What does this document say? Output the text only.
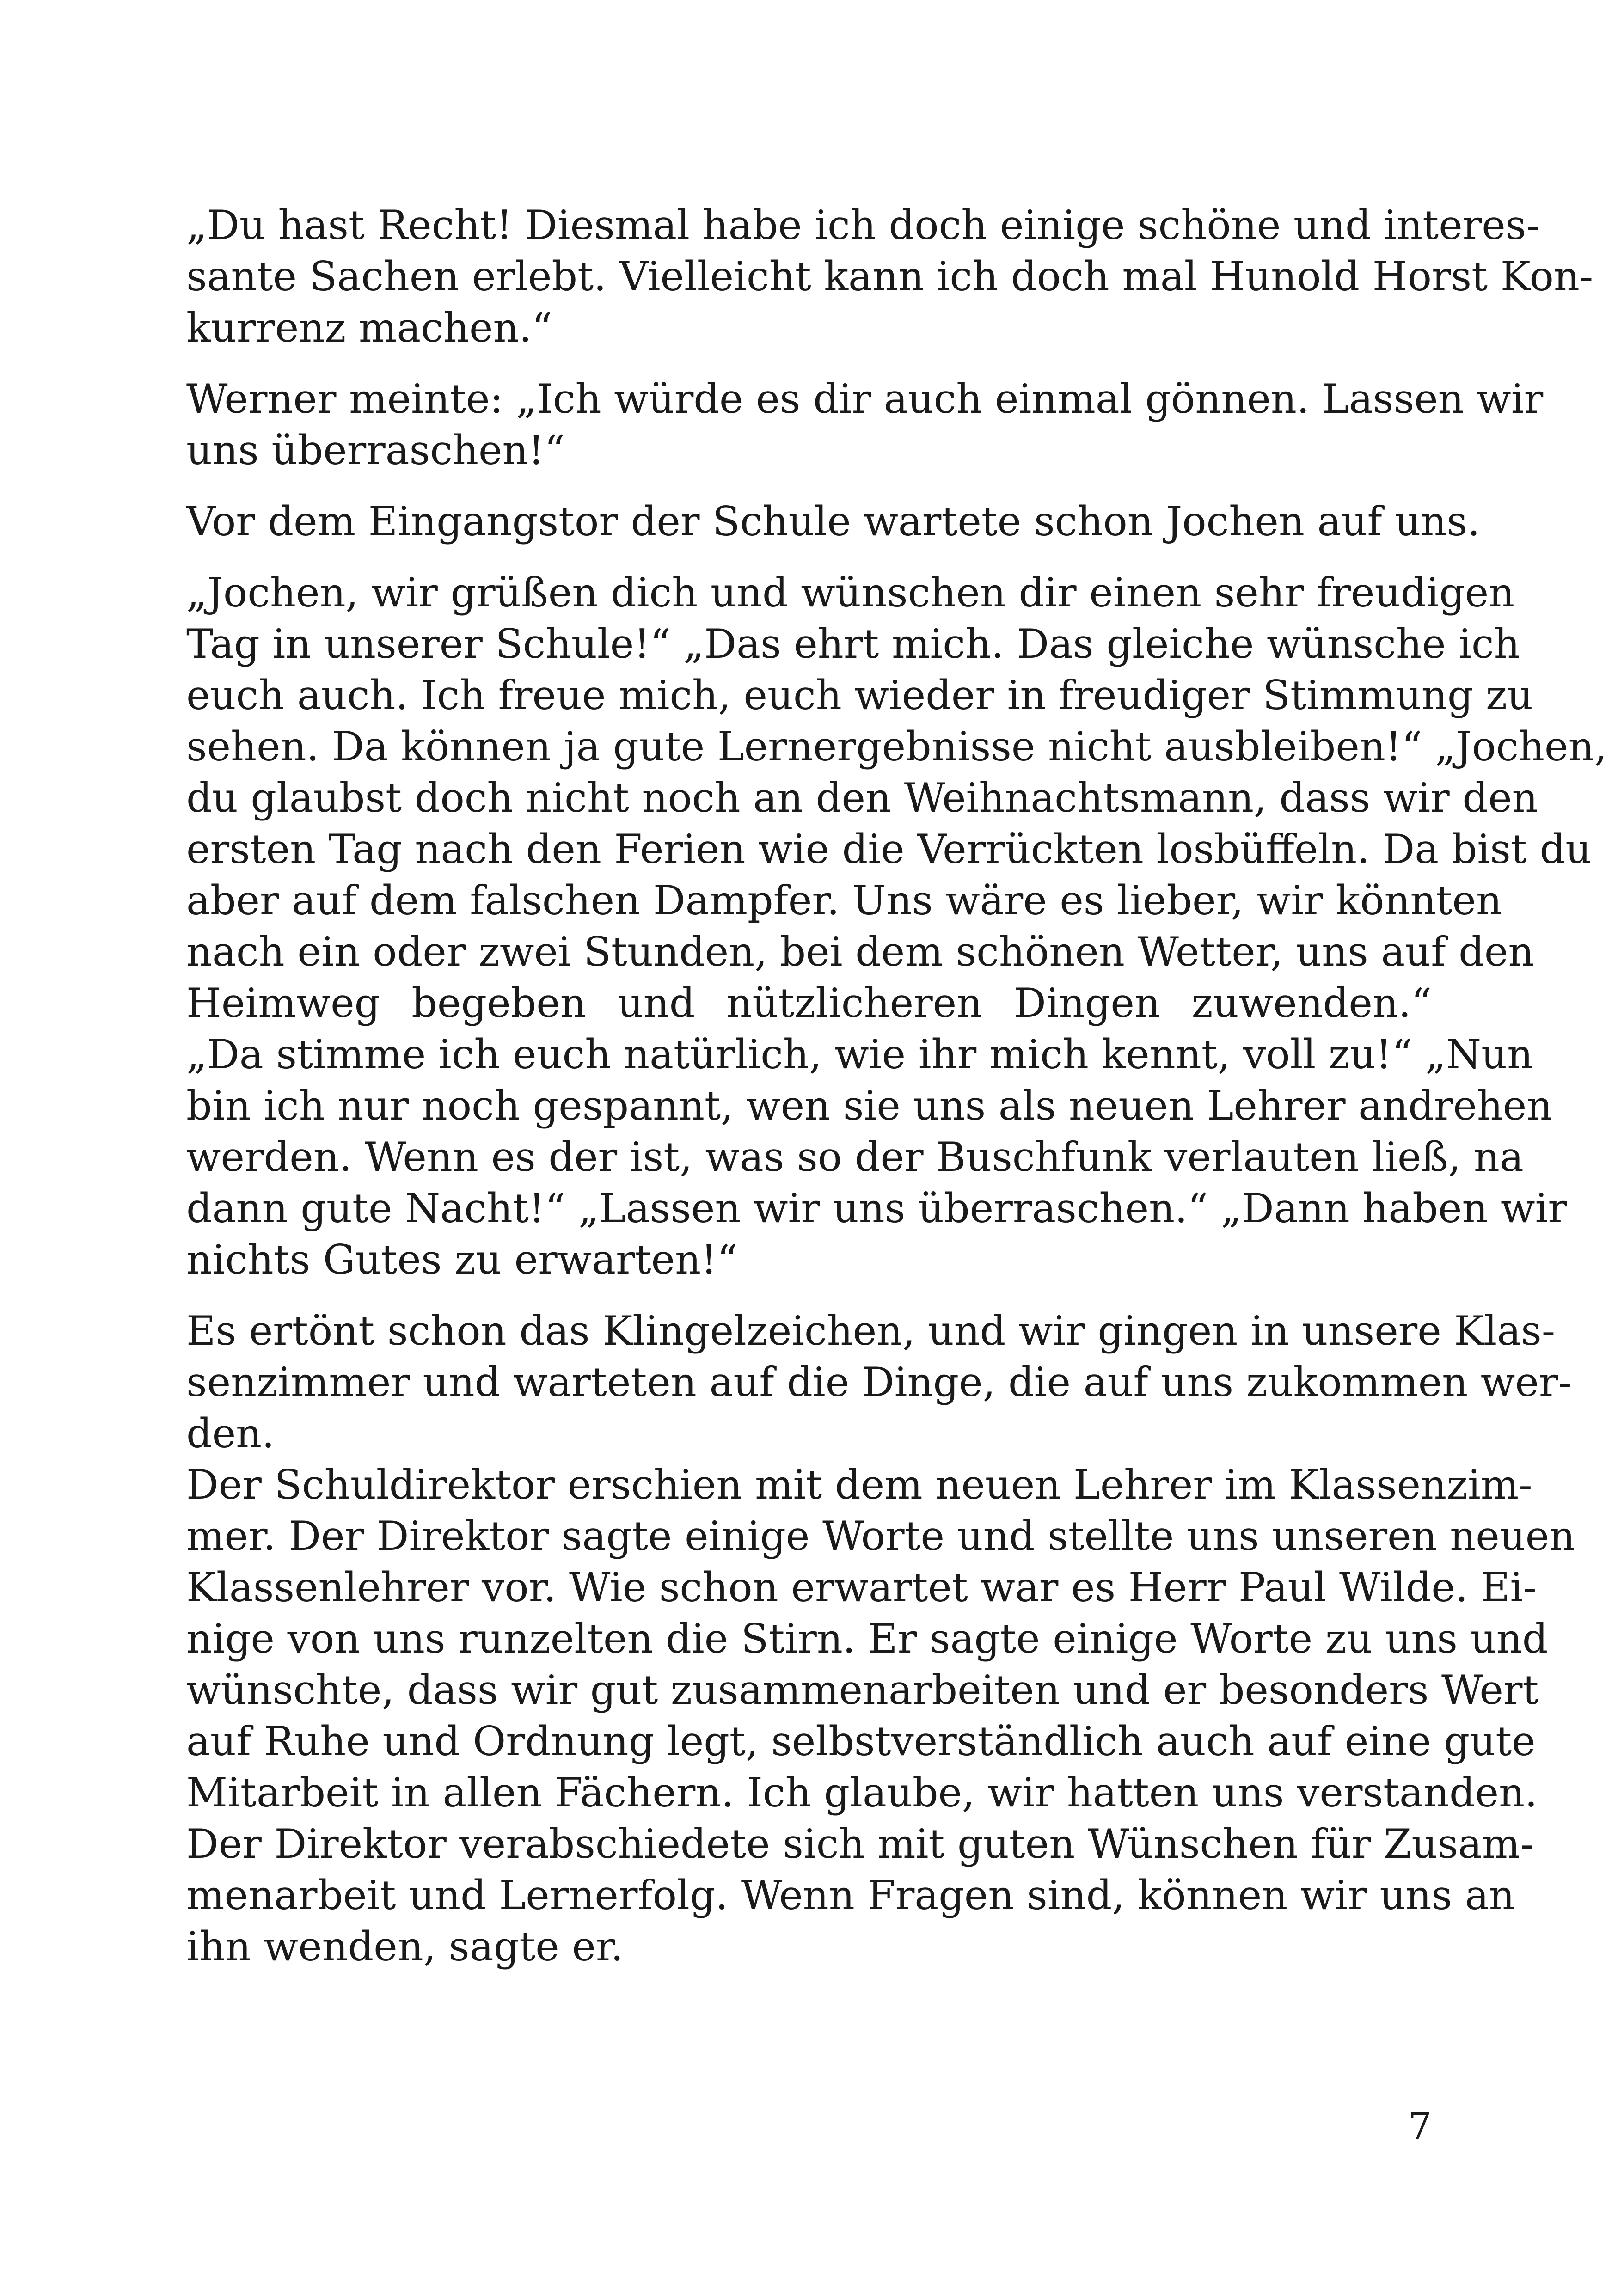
„Du hast Recht! Diesmal habe ich doch einige schöne und interes-
sante Sachen erlebt. Vielleicht kann ich doch mal Hunold Horst Kon-
kurrenz machen.“
Werner meinte: „Ich würde es dir auch einmal gönnen. Lassen wir
uns überraschen!“
Vor dem Eingangstor der Schule wartete schon Jochen auf uns.
„Jochen, wir grüßen dich und wünschen dir einen sehr freudigen
Tag in unserer Schule!“ „Das ehrt mich. Das gleiche wünsche ich
euch auch. Ich freue mich, euch wieder in freudiger Stimmung zu
sehen. Da können ja gute Lernergebnisse nicht ausbleiben!“ „Jochen,
du glaubst doch nicht noch an den Weihnachtsmann, dass wir den
ersten Tag nach den Ferien wie die Verrückten losbüffeln. Da bist du
aber auf dem falschen Dampfer. Uns wäre es lieber, wir könnten
nach ein oder zwei Stunden, bei dem schönen Wetter, uns auf den
Heimweg begeben und nützlicheren Dingen zuwenden.“
„Da stimme ich euch natürlich, wie ihr mich kennt, voll zu!“ „Nun
bin ich nur noch gespannt, wen sie uns als neuen Lehrer andrehen
werden. Wenn es der ist, was so der Buschfunk verlauten ließ, na
dann gute Nacht!“ „Lassen wir uns überraschen.“ „Dann haben wir
nichts Gutes zu erwarten!“
Es ertönt schon das Klingelzeichen, und wir gingen in unsere Klas-
senzimmer und warteten auf die Dinge, die auf uns zukommen wer-
den.
Der Schuldirektor erschien mit dem neuen Lehrer im Klassenzim-
mer. Der Direktor sagte einige Worte und stellte uns unseren neuen
Klassenlehrer vor. Wie schon erwartet war es Herr Paul Wilde. Ei-
nige von uns runzelten die Stirn. Er sagte einige Worte zu uns und
wünschte, dass wir gut zusammenarbeiten und er besonders Wert
auf Ruhe und Ordnung legt, selbstverständlich auch auf eine gute
Mitarbeit in allen Fächern. Ich glaube, wir hatten uns verstanden.
Der Direktor verabschiedete sich mit guten Wünschen für Zusam-
menarbeit und Lernerfolg. Wenn Fragen sind, können wir uns an
ihn wenden, sagte er.
7
